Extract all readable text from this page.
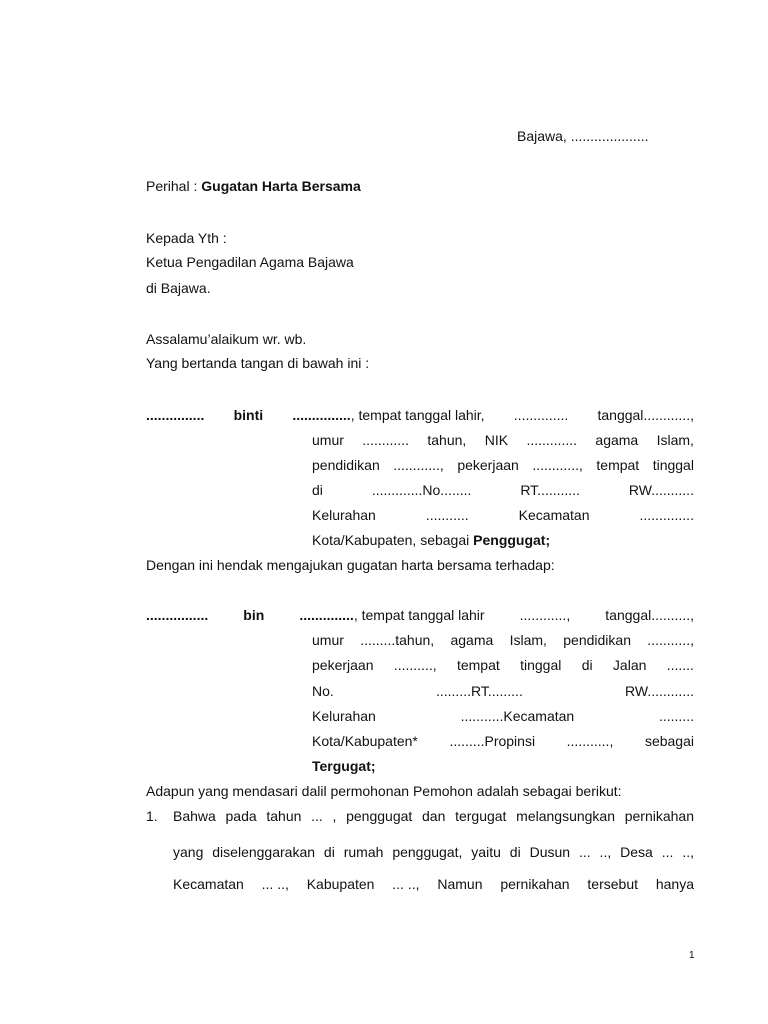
Bajawa, ....................
Perihal : Gugatan Harta Bersama
Kepada Yth :
Ketua Pengadilan Agama Bajawa
di Bajawa.
Assalamu’alaikum wr. wb.
Yang bertanda tangan di bawah ini :
............... binti ..............., tempat tanggal lahir, .............. tanggal............,
umur ............ tahun, NIK ............. agama Islam,
pendidikan ............, pekerjaan ............, tempat tinggal
di	.............No........	RT...........	RW...........
Kelurahan	...........	Kecamatan	..............
Kota/Kabupaten, sebagai Penggugat;
Dengan ini hendak mengajukan gugatan harta bersama terhadap:
................	bin	.............., tempat tanggal lahir	............,	tanggal..........,
umur .........tahun, agama Islam, pendidikan ...........,
pekerjaan .........., tempat tinggal di Jalan .......
No.	.........RT.........	RW............
Kelurahan	...........Kecamatan	.........
Kota/Kabupaten* .........Propinsi ..........., sebagai
Tergugat;
Adapun yang mendasari dalil permohonan Pemohon adalah sebagai berikut:
1. Bahwa pada tahun ... , penggugat dan tergugat melangsungkan pernikahan
yang diselenggarakan di rumah penggugat, yaitu di Dusun ... .., Desa ... ..,
Kecamatan ... .., Kabupaten ... .., Namun pernikahan tersebut hanya
1
